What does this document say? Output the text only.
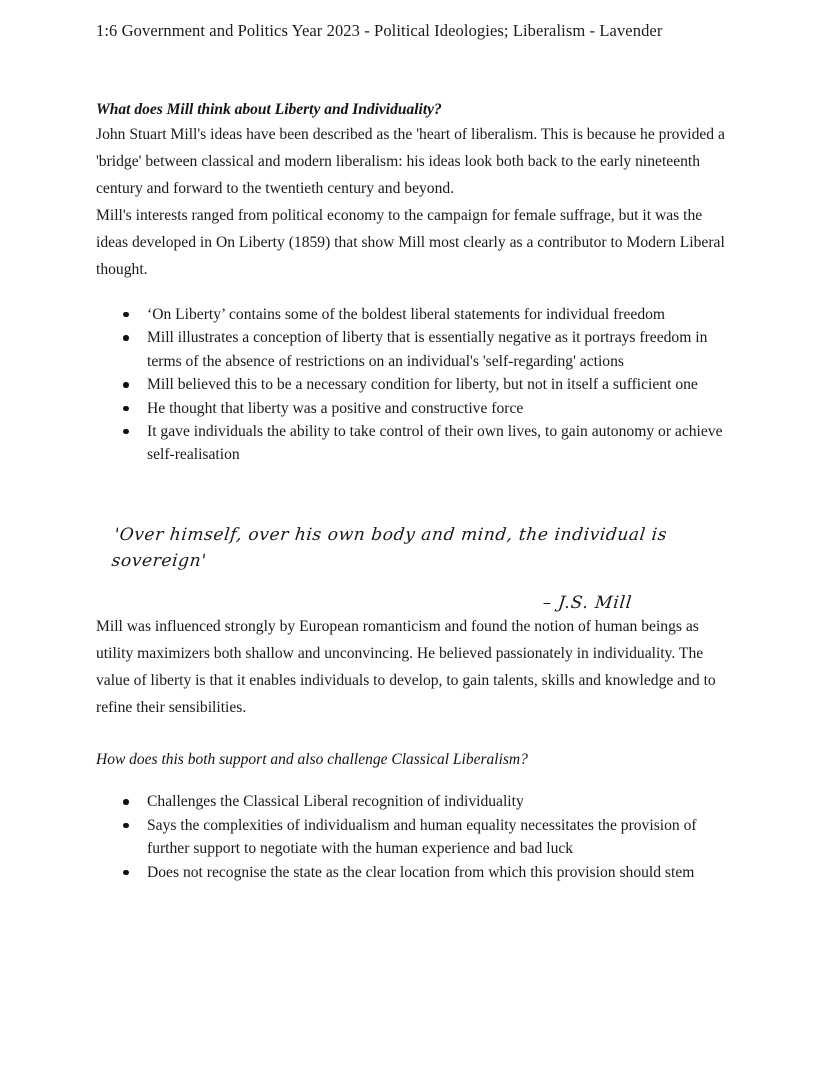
1:6 Government and Politics Year 2023 - Political Ideologies; Liberalism - Lavender
What does Mill think about Liberty and Individuality?

John Stuart Mill's ideas have been described as the 'heart of liberalism. This is because he provided a 'bridge' between classical and modern liberalism: his ideas look both back to the early nineteenth century and forward to the twentieth century and beyond.

Mill's interests ranged from political economy to the campaign for female suffrage, but it was the ideas developed in On Liberty (1859) that show Mill most clearly as a contributor to Modern Liberal thought.

‘On Liberty’ contains some of the boldest liberal statements for individual freedom
Mill illustrates a conception of liberty that is essentially negative as it portrays freedom in terms of the absence of restrictions on an individual's 'self-regarding' actions
Mill believed this to be a necessary condition for liberty, but not in itself a sufficient one
He thought that liberty was a positive and constructive force
It gave individuals the ability to take control of their own lives, to gain autonomy or achieve self-realisation
'Over himself, over his own body and mind, the individual is sovereign'
– J.S. Mill

Mill was influenced strongly by European romanticism and found the notion of human beings as utility maximizers both shallow and unconvincing. He believed passionately in individuality. The value of liberty is that it enables individuals to develop, to gain talents, skills and knowledge and to refine their sensibilities.

How does this both support and also challenge Classical Liberalism?
Challenges the Classical Liberal recognition of individuality
Says the complexities of individualism and human equality necessitates the provision of further support to negotiate with the human experience and bad luck
Does not recognise the state as the clear location from which this provision should stem
